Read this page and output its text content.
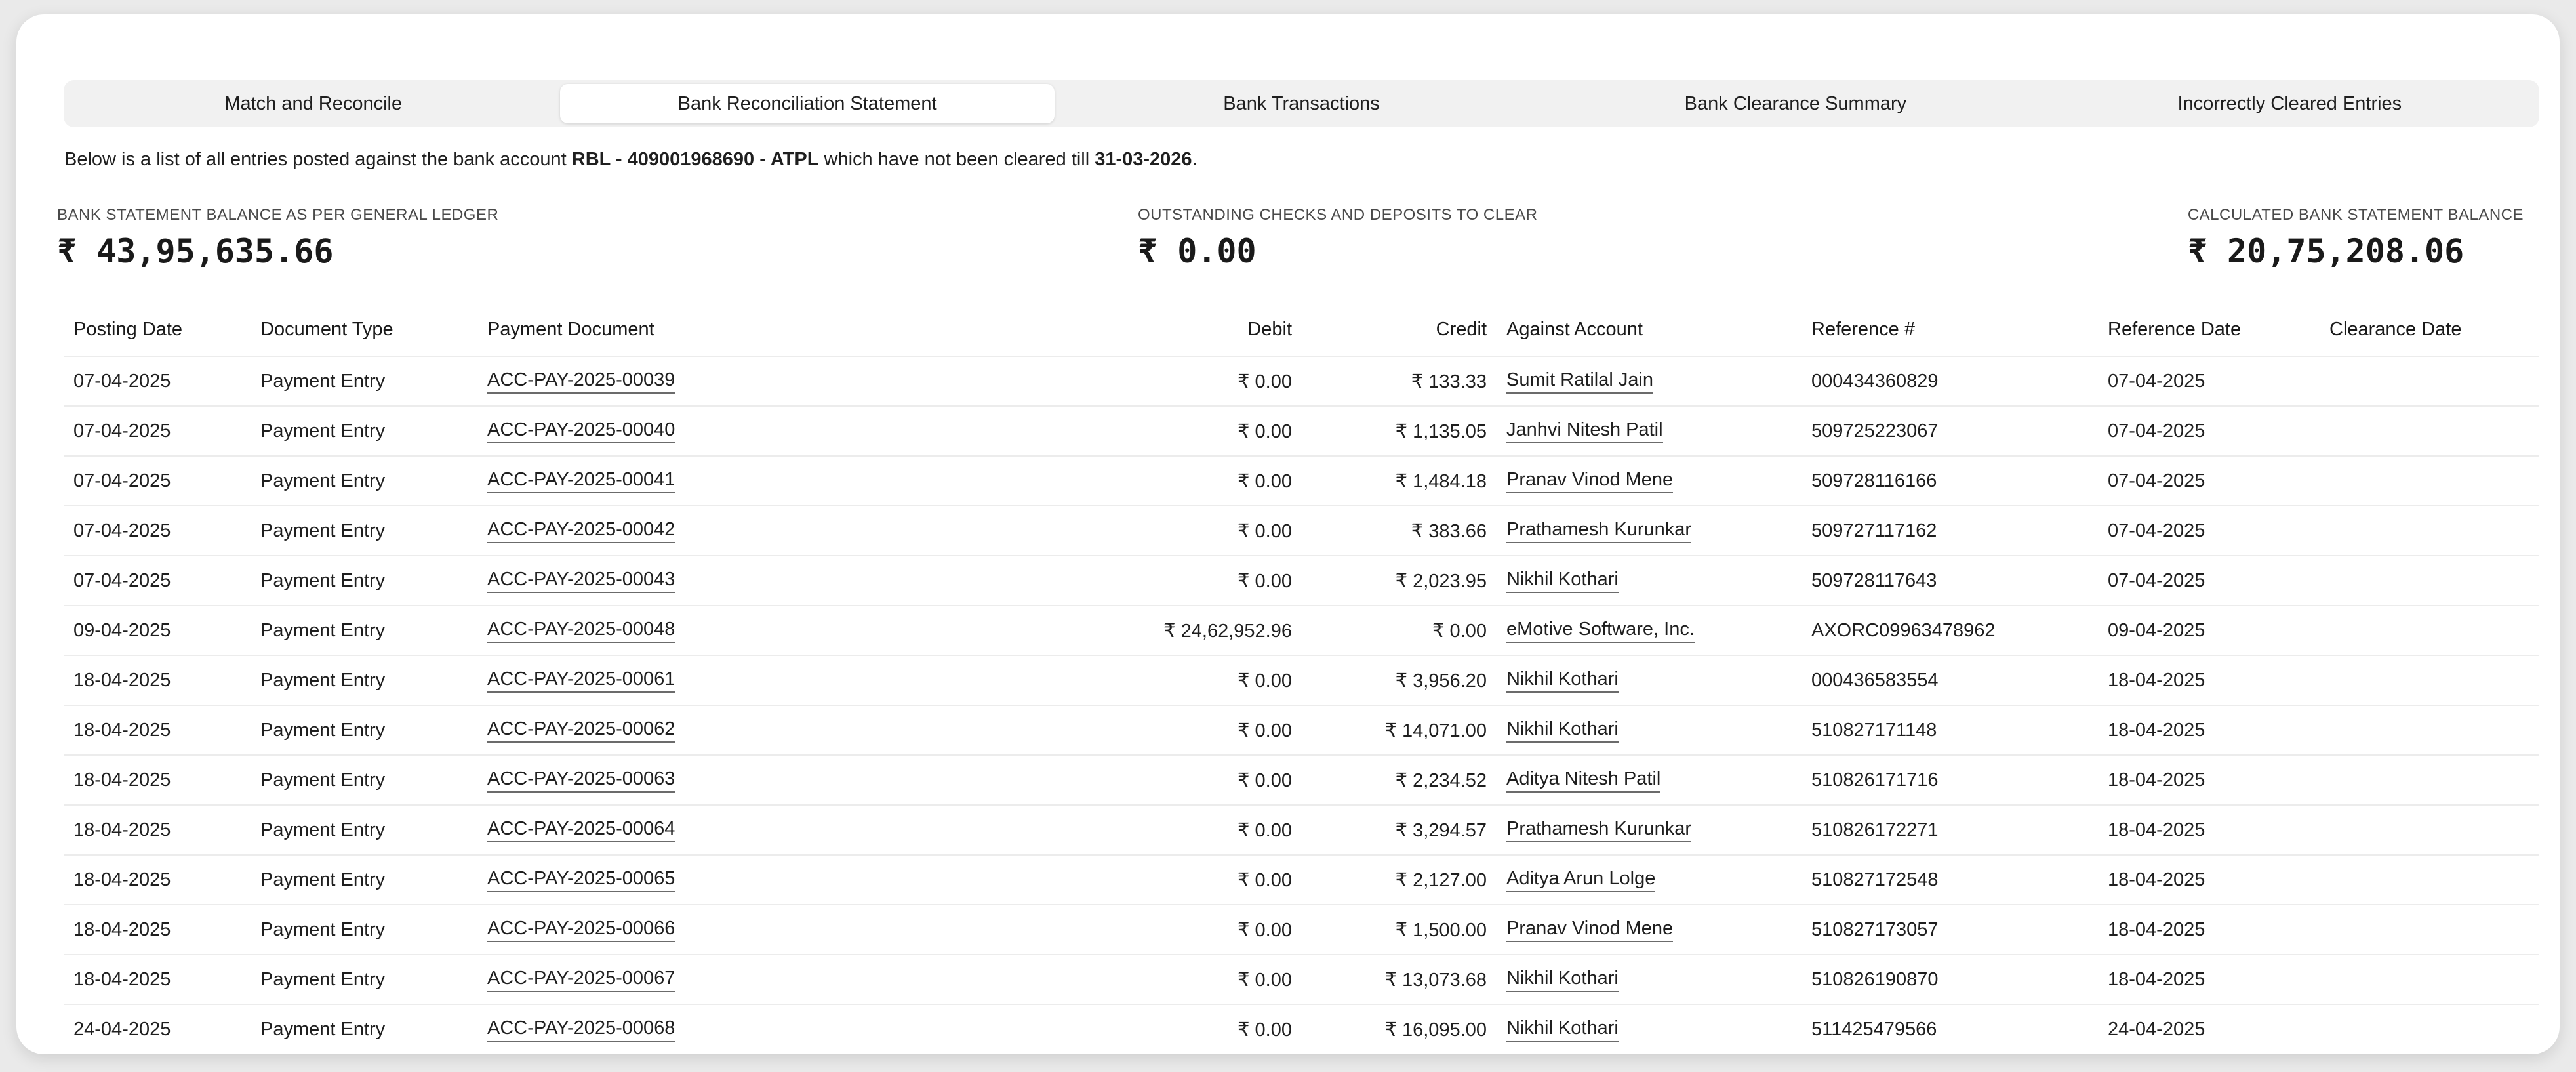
Match and Reconcile	Bank Reconciliation Statement	Bank Transactions	Bank Clearance Summary	Incorrectly Cleared Entries
Below is a list of all entries posted against the bank account RBL - 409001968690 - ATPL which have not been cleared till 31-03-2026.
BANK STATEMENT BALANCE AS PER GENERAL LEDGER
₹ 43,95,635.66
OUTSTANDING CHECKS AND DEPOSITS TO CLEAR
₹ 0.00
CALCULATED BANK STATEMENT BALANCE
₹ 20,75,208.06
Posting Date	Document Type	Payment Document	Debit	Credit Against Account	Reference #	Reference Date	Clearance Date
07-04-2025	Payment Entry	ACC-PAY-2025-00039	₹ 0.00	₹ 133.33 Sumit Ratilal Jain	000434360829	07-04-2025
07-04-2025	Payment Entry	ACC-PAY-2025-00040	₹ 0.00	₹ 1,135.05 Janhvi Nitesh Patil	509725223067	07-04-2025
07-04-2025	Payment Entry	ACC-PAY-2025-00041	₹ 0.00	₹ 1,484.18 Pranav Vinod Mene	509728116166	07-04-2025
07-04-2025	Payment Entry	ACC-PAY-2025-00042	₹ 0.00	₹ 383.66 Prathamesh Kurunkar	509727117162	07-04-2025
07-04-2025	Payment Entry	ACC-PAY-2025-00043	₹ 0.00	₹ 2,023.95 Nikhil Kothari	509728117643	07-04-2025
09-04-2025	Payment Entry	ACC-PAY-2025-00048	₹ 24,62,952.96	₹ 0.00 eMotive Software, Inc.	AXORC09963478962	09-04-2025
18-04-2025	Payment Entry	ACC-PAY-2025-00061	₹ 0.00	₹ 3,956.20 Nikhil Kothari	000436583554	18-04-2025
18-04-2025	Payment Entry	ACC-PAY-2025-00062	₹ 0.00	₹ 14,071.00 Nikhil Kothari	510827171148	18-04-2025
18-04-2025	Payment Entry	ACC-PAY-2025-00063	₹ 0.00	₹ 2,234.52 Aditya Nitesh Patil	510826171716	18-04-2025
18-04-2025	Payment Entry	ACC-PAY-2025-00064	₹ 0.00	₹ 3,294.57 Prathamesh Kurunkar	510826172271	18-04-2025
18-04-2025	Payment Entry	ACC-PAY-2025-00065	₹ 0.00	₹ 2,127.00 Aditya Arun Lolge	510827172548	18-04-2025
18-04-2025	Payment Entry	ACC-PAY-2025-00066	₹ 0.00	₹ 1,500.00 Pranav Vinod Mene	510827173057	18-04-2025
18-04-2025	Payment Entry	ACC-PAY-2025-00067	₹ 0.00	₹ 13,073.68 Nikhil Kothari	510826190870	18-04-2025
24-04-2025	Payment Entry	ACC-PAY-2025-00068	₹ 0.00	₹ 16,095.00 Nikhil Kothari	511425479566	24-04-2025
